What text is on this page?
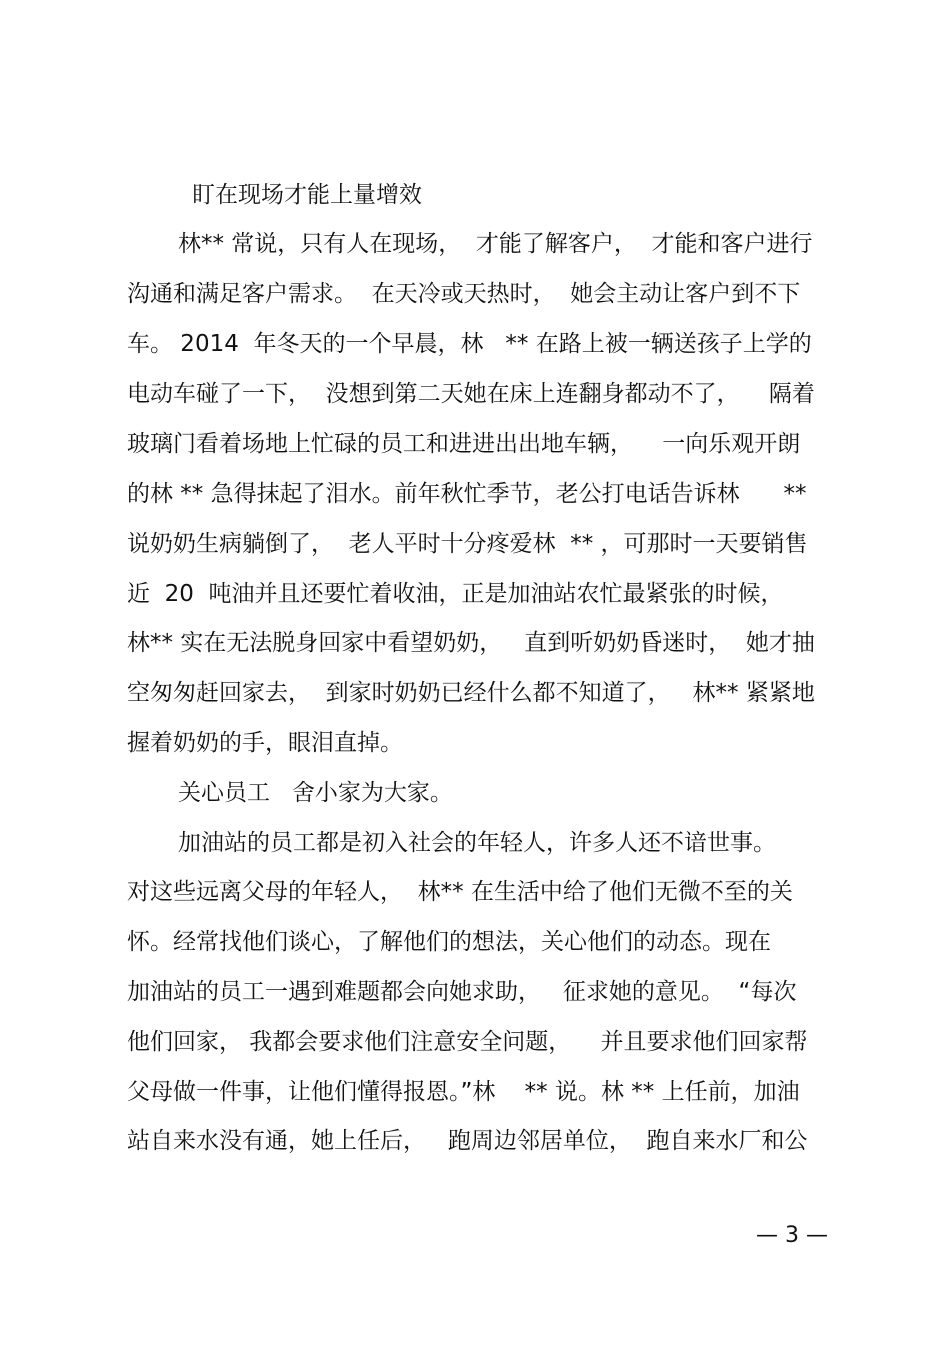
盯在现场才能上量增效
林** 常说，只有人在现场，  才能了解客户，  才能和客户进行
沟通和满足客户需求。  在天冷或天热时，  她会主动让客户到不下
车。 2014  年冬天的一个早晨，林   ** 在路上被一辆送孩子上学的
电动车碰了一下，  没想到第二天她在床上连翻身都动不了，    隔着
玻璃门看着场地上忙碌的员工和进进出出地车辆，    一向乐观开朗
的林 ** 急得抹起了泪水。前年秋忙季节，老公打电话告诉林      **
说奶奶生病躺倒了，  老人平时十分疼爱林  ** ，可那时一天要销售
近  20  吨油并且还要忙着收油，正是加油站农忙最紧张的时候，
林** 实在无法脱身回家中看望奶奶，   直到听奶奶昏迷时，  她才抽
空匆匆赶回家去，  到家时奶奶已经什么都不知道了，   林** 紧紧地
握着奶奶的手，眼泪直掉。
关心员工   舍小家为大家。
加油站的员工都是初入社会的年轻人，许多人还不谙世事。
对这些远离父母的年轻人，  林** 在生活中给了他们无微不至的关
怀。经常找他们谈心，了解他们的想法，关心他们的动态。现在
加油站的员工一遇到难题都会向她求助，   征求她的意见。  “每次
他们回家， 我都会要求他们注意安全问题，    并且要求他们回家帮
父母做一件事，让他们懂得报恩。”林    ** 说。林 ** 上任前，加油
站自来水没有通，她上任后，   跑周边邻居单位，  跑自来水厂和公
— 3 —
